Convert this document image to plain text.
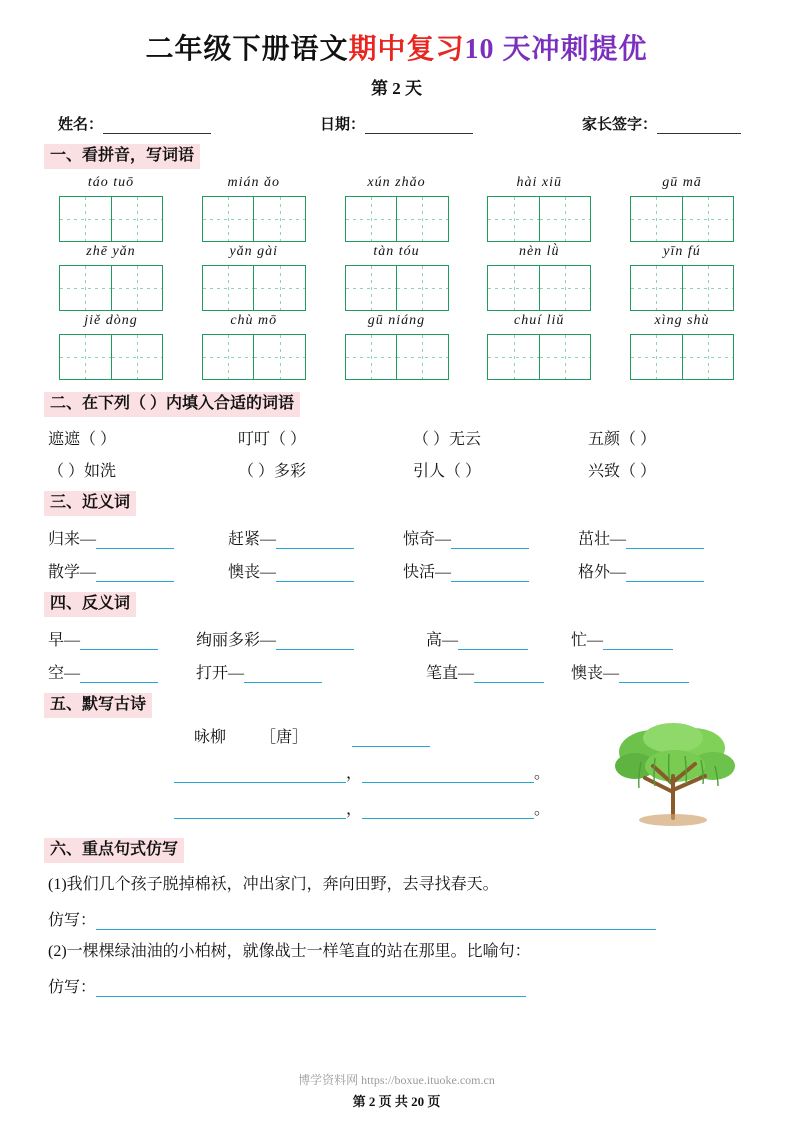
二年级下册语文期中复习10 天冲刺提优
第 2 天
姓名：	日期：	家长签字：
一、看拼音，写词语
táo tuō	mián ǎo	xún zhǎo	hài xiū	gū mā
zhē yǎn	yǎn gài	tàn tóu	nèn lǜ	yīn fú
jiě dòng	chù mō	gū niáng	chuí liǔ	xìng shù
二、在下列（ ）内填入合适的词语
遮遮（ ）	叮叮（ ）	（ ）无云	五颜（ ）
（ ）如洗	（ ）多彩	引人（ ）	兴致（ ）
三、近义词
归来—	赶紧—	惊奇—	茁壮—
散学—	懊丧—	快活—	格外—
四、反义词
早—	绚丽多彩—	高—	忙—
空—	打开—	笔直—	懊丧—
五、默写古诗
咏柳 ［唐］
，	。
，	。
六、重点句式仿写
(1)我们几个孩子脱掉棉袄，冲出家门，奔向田野，去寻找春天。
仿写：
(2)一棵棵绿油油的小柏树，就像战士一样笔直的站在那里。比喻句：
仿写：
博学资料网 https://boxue.ituoke.com.cn
第 2 页 共 20 页
